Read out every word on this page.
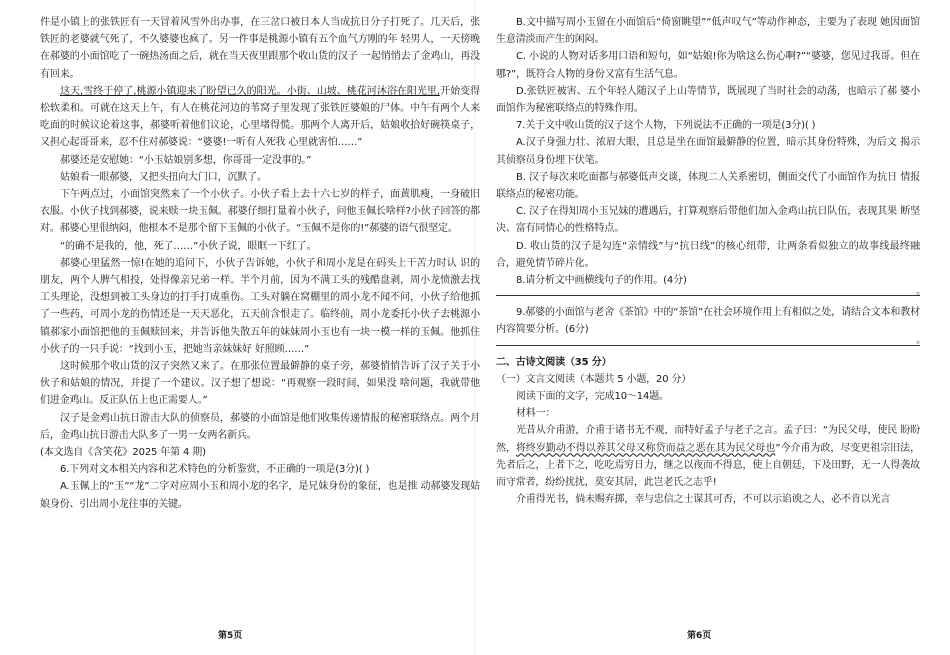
件是小镇上的张铁匠有一天冒着风雪外出办事，在三岔口被日本人当成抗日分子打死了。几天后，张铁匠的老婆就气死了，不久婆婆也疯了。另一件事是桃源小镇有五个血气方刚的年 轻男人，一天傍晚在郝婆的小面馆吃了一碗热汤面之后，就在当天夜里跟那个收山货的汉子 一起悄悄去了金鸡山，再没有回来。

这天,雪终于停了,桃源小镇迎来了盼望已久的阳光。小街、山坡、桃花河沐浴在阳光里,开始变得松软柔和。可就在这天上午，有人在桃花河边的苇窝子里发现了张铁匠婆娘的尸体。中午有两个人来吃面的时候议论着这事，郝婆听着他们议论，心里堵得慌。那两个人离开后，姑娘收拾好碗筷桌子，又担心起哥哥来，忍不住对郝婆说：“婆婆!一听有人死我 心里就害怕……”

郝婆还是安慰她：“小玉姑娘别多想，你哥哥一定没事的。”

姑娘看一眼郝婆，又把头扭向大门口，沉默了。

下午两点过，小面馆突然来了一个小伙子。小伙子看上去十六七岁的样子，面黄肌瘦，一身破旧衣服。小伙子找到郝婆，说来赎一块玉佩。郝婆仔细打量着小伙子，问他玉佩长啥样?小伙子回答的都对。郝婆心里很纳闷，他根本不是那个留下玉佩的小伙子。“玉佩不是你的!”郝婆的语气很坚定。

“的确不是我的，他，死了……”小伙子说，眼眶一下红了。

郝婆心里猛然一惊!在她的追问下，小伙子告诉她，小伙子和周小龙是在码头上干苦力时认 识的朋友，两个人脾气相投，处得像亲兄弟一样。半个月前，因为不满工头的残酷盘剥，周小龙愤激去找工头理论，没想到被工头身边的打手打成重伤。工头对躺在窝棚里的周小龙不闻不问，小伙子给他抓了一些药，可周小龙的伤情还是一天天恶化，五天前含恨走了。临终前，周小龙委托小伙子去桃源小镇郝家小面馆把他的玉佩赎回来，并告诉他失散五年的妹妹周小玉也有一块一模一样的玉佩。他抓住小伙子的一只手说：“找到小玉，把她当亲妹妹好 好照顾……”

这时候那个收山货的汉子突然又来了。在那张位置最僻静的桌子旁，郝婆悄悄告诉了汉子关于小伙子和姑娘的情况，并提了一个建议。汉子想了想说：“再观察一段时间，如果没 啥问题，我就带他们进金鸡山。反正队伍上也正需要人。”

汉子是金鸡山抗日游击大队的侦察员，郝婆的小面馆是他们收集传递情报的秘密联络点。两个月后，金鸡山抗日游击大队多了一男一女两名新兵。

(本文选自《含笑花》2025 年第 4 期)

6.下列对文本相关内容和艺术特色的分析鉴赏，不正确的一项是(3分)( )

A.玉佩上的“玉”“龙”二字对应周小玉和周小龙的名字，是兄妹身份的象征，也是推 动郝婆发现姑娘身份、引出周小龙往事的关键。

B.文中描写周小玉留在小面馆后“倚窗眺望”“低声叹气”等动作神态，主要为了表现 她因面馆生意清淡而产生的闲闷。

C. 小说的人物对话多用口语和短句，如“姑娘!你为啥这么伤心啊?”“婆婆，您见过我哥。但在哪?”，既符合人物的身份又富有生活气息。

D.张铁匠被害、五个年轻人随汉子上山等情节，既展现了当时社会的动荡，也暗示了郝 婆小面馆作为秘密联络点的特殊作用。

7.关于文中收山货的汉子这个人物，下列说法不正确的一项是(3分)( )

A.汉子身强力壮、浓眉大眼，且总是坐在面馆最僻静的位置，暗示其身份特殊，为后文 揭示其侦察员身份埋下伏笔。

B. 汉子每次来吃面都与郝婆低声交谈，体现二人关系密切，侧面交代了小面馆作为抗日 情报联络点的秘密功能。

C. 汉子在得知周小玉兄妹的遭遇后，打算观察后带他们加入金鸡山抗日队伍，表现其果 断坚决、富有同情心的性格特点。

D. 收山货的汉子是勾连“亲情线”与“抗日线”的核心纽带，让两条看似独立的故事线最终融合，避免情节碎片化。

8.请分析文中画横线句子的作用。(4分)

。

9.郝婆的小面馆与老舍《茶馆》中的“茶馆”在社会环境作用上有相似之处，请结合文本和教材内容简要分析。(6分)

。

二、古诗文阅读（35 分）

（一）文言文阅读（本题共 5 小题，20 分）

阅读下面的文字，完成10～14题。

材料一：

光昔从介甫游，介甫于诸书无不观，而特好孟子与老子之言。孟子曰：“为民父母，使民 盼盼然，将终岁勤动不得以养其父母又称贷而益之恶在其为民父母也”今介甫为政，尽变更祖宗旧法，先者后之，上者下之，吃吃焉穷日力，继之以夜而不得息，使上自朝廷，下及田野，无一人得袭故而守常者，纷纷扰扰，莫安其居，此岂老氏之志乎!

介甫得光书，倘未赐弃掷，幸与忠信之士谋其可否，不可以示谄谀之人，必不肯以光言

第5页	第6页
